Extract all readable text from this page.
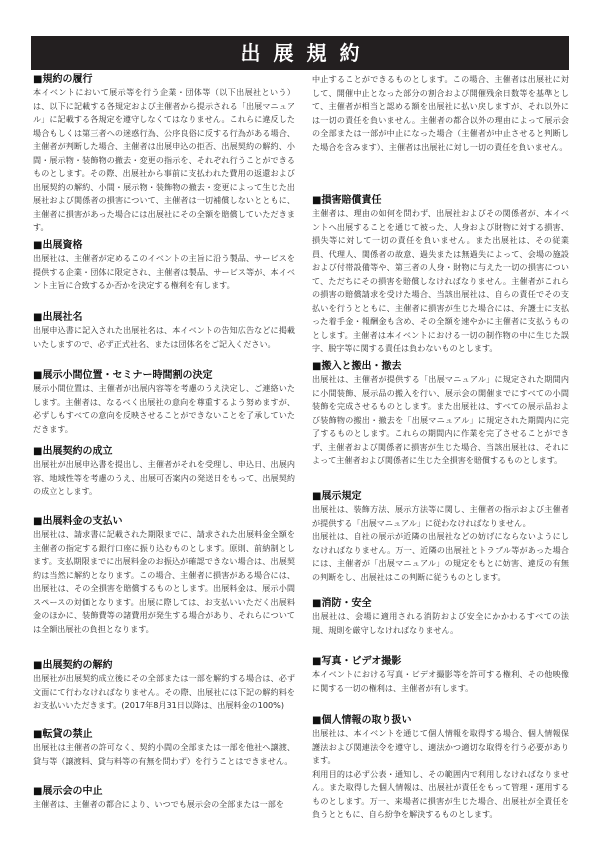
出展規約
■規約の履行

本イベントにおいて展示等を行う企業・団体等（以下出展社という）は、以下に記載する各規定および主催者から提示される「出展マニュアル」に記載する各規定を遵守しなくてはなりません。これらに違反した場合もしくは第三者への迷惑行為、公序良俗に反する行為がある場合、主催者が判断した場合、主催者は出展申込の拒否、出展契約の解約、小間・展示物・装飾物の撤去・変更の指示を、それぞれ行うことができるものとします。その際、出展社から事前に支払われた費用の返還および出展契約の解約、小間・展示物・装飾物の撤去・変更によって生じた出展社および関係者の損害について、主催者は一切補償しないとともに、主催者に損害があった場合には出展社にその全額を賠償していただきます。

■出展資格

出展社は、主催者が定めるこのイベントの主旨に沿う製品、サービスを提供する企業・団体に限定され、主催者は製品、サービス等が、本イベント主旨に合致するか否かを決定する権利を有します。

■出展社名

出展申込書に記入された出展社名は、本イベントの告知広告などに掲載いたしますので、必ず正式社名、または団体名をご記入ください。

■展示小間位置・セミナー時間割の決定

展示小間位置は、主催者が出展内容等を考慮のうえ決定し、ご連絡いたします。主催者は、なるべく出展社の意向を尊重するよう努めますが、必ずしもすべての意向を反映させることができないことを了承していただきます。

■出展契約の成立

出展社が出展申込書を提出し、主催者がそれを受理し、申込日、出展内容、地域性等を考慮のうえ、出展可否案内の発送日をもって、出展契約の成立とします。

■出展料金の支払い

出展社は、請求書に記載された期限までに、請求された出展料金全額を主催者の指定する銀行口座に振り込むものとします。原則、前納制とします。支払期限までに出展料金のお振込が確認できない場合は、出展契約は当然に解約となります。この場合、主催者に損害がある場合には、出展社は、その全損害を賠償するものとします。出展料金は、展示小間スペースの対価となります。出展に際しては、お支払いいただく出展料金のほかに、装飾費等の諸費用が発生する場合があり、それらについては全額出展社の負担となります。

■出展契約の解約

出展社が出展契約成立後にその全部または一部を解約する場合は、必ず文面にて行わなければなりません。その際、出展社には下記の解約料をお支払いいただきます。(2017年8月31日以降は、出展料金の100%)

■転貸の禁止

出展社は主催者の許可なく、契約小間の全部または一部を他社へ譲渡、貸与等（譲渡料、貸与料等の有無を問わず）を行うことはできません。

■展示会の中止

主催者は、主催者の都合により、いつでも展示会の全部または一部を

中止することができるものとします。この場合、主催者は出展社に対して、開催中止となった部分の割合および開催残余日数等を基準として、主催者が相当と認める額を出展社に払い戻しますが、それ以外には一切の責任を負いません。主催者の都合以外の理由によって展示会の全部または一部が中止になった場合（主催者が中止させると判断した場合を含みます）、主催者は出展社に対し一切の責任を負いません。

■損害賠償責任

主催者は、理由の如何を問わず、出展社およびその関係者が、本イベントへ出展することを通じて被った、人身および財物に対する損害、損失等に対して一切の責任を負いません。また出展社は、その従業員、代理人、関係者の故意、過失または無過失によって、会場の施設および付帯設備等や、第三者の人身・財物に与えた一切の損害について、ただちにその損害を賠償しなければなりません。主催者がこれらの損害の賠償請求を受けた場合、当該出展社は、自らの責任でその支払いを行うとともに、主催者に損害が生じた場合には、弁護士に支払った着手金・報酬金も含め、その全額を速やかに主催者に支払うものとします。主催者は本イベントにおける一切の制作物の中に生じた誤字、脱字等に関する責任は負わないものとします。

■搬入と搬出・撤去

出展社は、主催者が提供する「出展マニュアル」に規定された期間内に小間装飾、展示品の搬入を行い、展示会の開催までにすべての小間装飾を完成させるものとします。また出展社は、すべての展示品および装飾物の搬出・撤去を「出展マニュアル」に規定された期間内に完了するものとします。これらの期間内に作業を完了させることができず、主催者および関係者に損害が生じた場合、当該出展社は、それによって主催者および関係者に生じた全損害を賠償するものとします。

■展示規定

出展社は、装飾方法、展示方法等に関し、主催者の指示および主催者が提供する「出展マニュアル」に従わなければなりません。

出展社は、自社の展示が近隣の出展社などの妨げにならないようにしなければなりません。万一、近隣の出展社とトラブル等があった場合には、主催者が「出展マニュアル」の規定をもとに妨害、違反の有無の判断をし、出展社はこの判断に従うものとします。

■消防・安全

出展社は、会場に適用される消防および安全にかかわるすべての法規、規則を厳守しなければなりません。

■写真・ビデオ撮影

本イベントにおける写真・ビデオ撮影等を許可する権利、その他映像に関する一切の権利は、主催者が有します。

■個人情報の取り扱い

出展社は、本イベントを通じて個人情報を取得する場合、個人情報保護法および関連法令を遵守し、適法かつ適切な取得を行う必要があります。

利用目的は必ず公表・通知し、その範囲内で利用しなければなりません。また取得した個人情報は、出展社が責任をもって管理・運用するものとします。万一、来場者に損害が生じた場合、出展社が全責任を負うとともに、自ら紛争を解決するものとします。
